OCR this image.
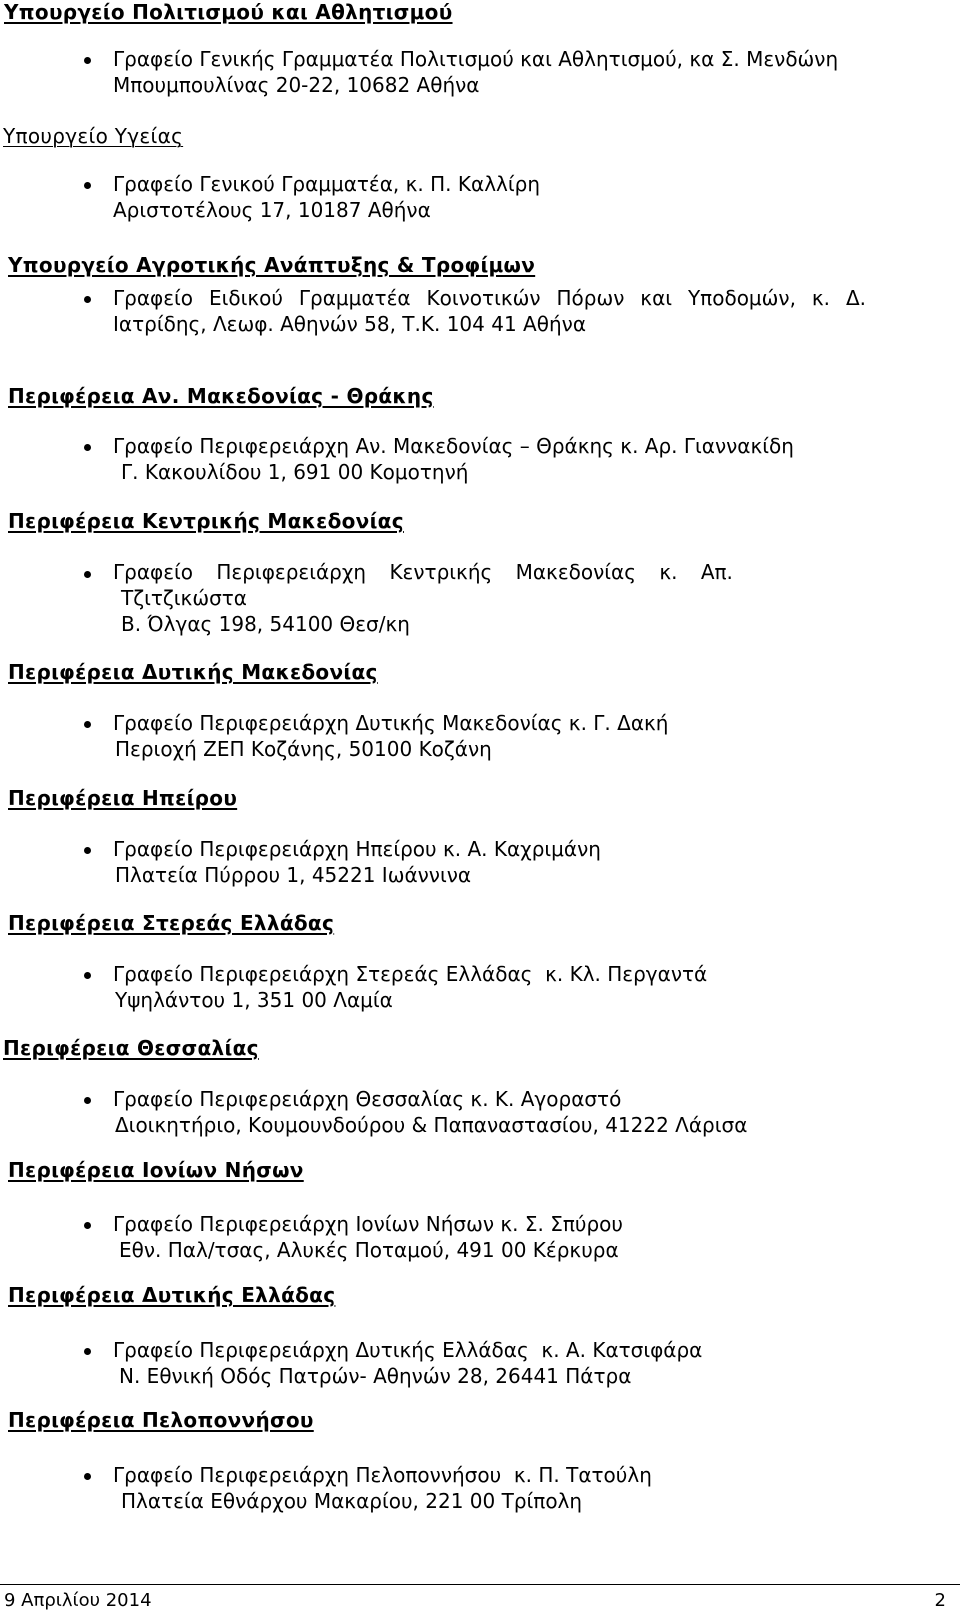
Υπουργείο Πολιτισμού και Αθλητισμού

Γραφείο Γενικής Γραμματέα Πολιτισμού και Αθλητισμού, κα Σ. Μενδώνη

Μπουμπουλίνας 20-22, 10682 Αθήνα

Υπουργείο Υγείας

Γραφείο Γενικού Γραμματέα, κ. Π. Καλλίρη

Αριστοτέλους 17, 10187 Αθήνα

Υπουργείο Αγροτικής Ανάπτυξης & Τροφίμων

Γραφείο Ειδικού Γραμματέα Κοινοτικών Πόρων και Υποδομών, κ. Δ.

Ιατρίδης, Λεωφ. Αθηνών 58, Τ.Κ. 104 41 Αθήνα

Περιφέρεια Αν. Μακεδονίας - Θράκης

Γραφείο Περιφερειάρχη Αν. Μακεδονίας – Θράκης κ. Αρ. Γιαννακίδη

Γ. Κακουλίδου 1, 691 00 Κομοτηνή

Περιφέρεια Κεντρικής Μακεδονίας

Γραφείο Περιφερειάρχη Κεντρικής Μακεδονίας κ. Απ.

Τζιτζικώστα

Β. Όλγας 198, 54100 Θεσ/κη

Περιφέρεια Δυτικής Μακεδονίας

Γραφείο Περιφερειάρχη Δυτικής Μακεδονίας κ. Γ. Δακή

Περιοχή ΖΕΠ Κοζάνης, 50100 Κοζάνη

Περιφέρεια Ηπείρου

Γραφείο Περιφερειάρχη Ηπείρου κ. Α. Καχριμάνη

Πλατεία Πύρρου 1, 45221 Ιωάννινα

Περιφέρεια Στερεάς Ελλάδας

Γραφείο Περιφερειάρχη Στερεάς Ελλάδας  κ. Κλ. Περγαντά

Υψηλάντου 1, 351 00 Λαμία

Περιφέρεια Θεσσαλίας

Γραφείο Περιφερειάρχη Θεσσαλίας κ. Κ. Αγοραστό

Διοικητήριο, Κουμουνδούρου & Παπαναστασίου, 41222 Λάρισα

Περιφέρεια Ιονίων Νήσων

Γραφείο Περιφερειάρχη Ιονίων Νήσων κ. Σ. Σπύρου

Εθν. Παλ/τσας, Αλυκές Ποταμού, 491 00 Κέρκυρα

Περιφέρεια Δυτικής Ελλάδας

Γραφείο Περιφερειάρχη Δυτικής Ελλάδας  κ. Α. Κατσιφάρα

Ν. Εθνική Οδός Πατρών- Αθηνών 28, 26441 Πάτρα

Περιφέρεια Πελοποννήσου

Γραφείο Περιφερειάρχη Πελοποννήσου  κ. Π. Τατούλη

Πλατεία Εθνάρχου Μακαρίου, 221 00 Τρίπολη

9 Απριλίου 2014	2
